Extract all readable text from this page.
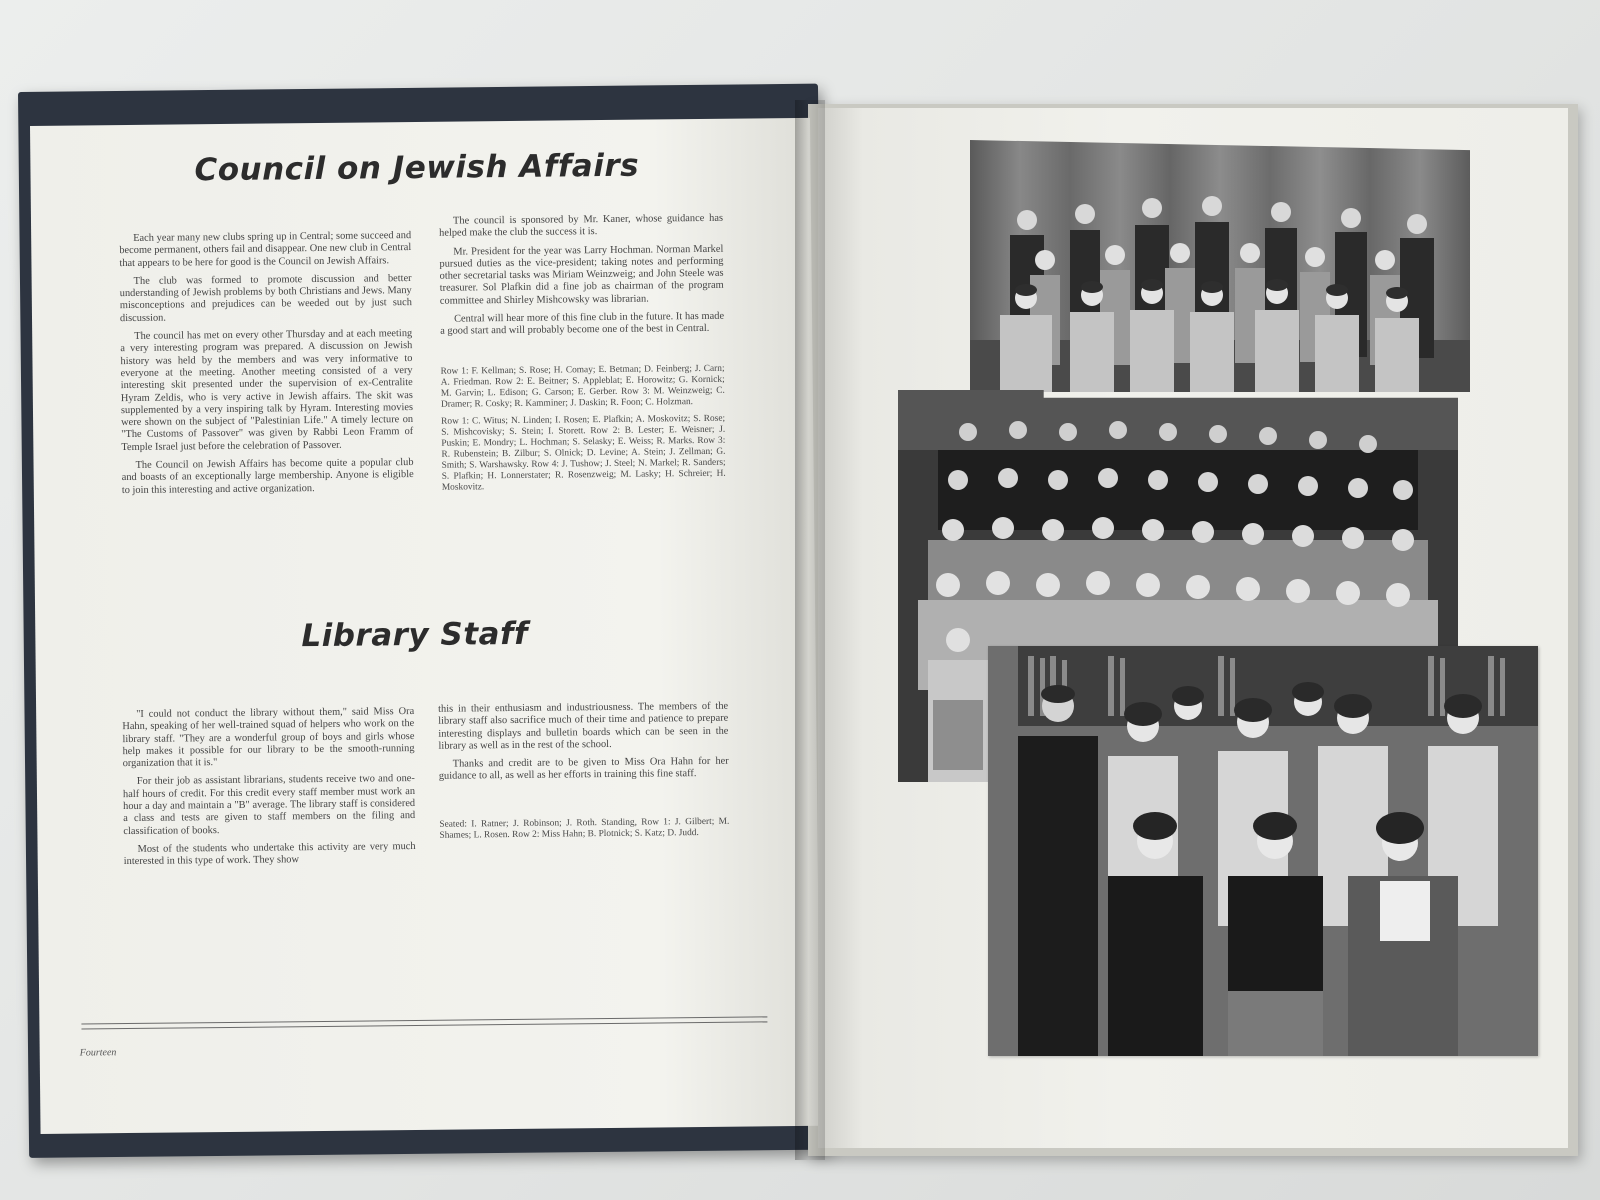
Council on Jewish Affairs

Each year many new clubs spring up in Central; some succeed and become permanent, others fail and disappear. One new club in Central that appears to be here for good is the Council on Jewish Affairs.

The club was formed to promote discussion and better understanding of Jewish problems by both Christians and Jews. Many misconceptions and prejudices can be weeded out by just such discussion.

The council has met on every other Thursday and at each meeting a very interesting program was prepared. A discussion on Jewish history was held by the members and was very informative to everyone at the meeting. Another meeting consisted of a very interesting skit presented under the supervision of ex-Centralite Hyram Zeldis, who is very active in Jewish affairs. The skit was supplemented by a very inspiring talk by Hyram. Interesting movies were shown on the subject of "Palestinian Life." A timely lecture on "The Customs of Passover" was given by Rabbi Leon Framm of Temple Israel just before the celebration of Passover.

The Council on Jewish Affairs has become quite a popular club and boasts of an exceptionally large membership. Anyone is eligible to join this interesting and active organization.

The council is sponsored by Mr. Kaner, whose guidance has helped make the club the success it is.

Mr. President for the year was Larry Hochman. Norman Markel pursued duties as the vice-president; taking notes and performing other secretarial tasks was Miriam Weinzweig; and John Steele was treasurer. Sol Plafkin did a fine job as chairman of the program committee and Shirley Mishcowsky was librarian.

Central will hear more of this fine club in the future. It has made a good start and will probably become one of the best in Central.

Row 1: F. Kellman; S. Rose; H. Comay; E. Betman; D. Feinberg; J. Carn; A. Friedman. Row 2: E. Beitner; S. Appleblat; E. Horowitz; G. Kornick; M. Garvin; L. Edison; G. Carson; E. Gerber. Row 3: M. Weinzweig; C. Dramer; R. Cosky; R. Kamminer; J. Daskin; R. Foon; C. Holzman.

Row 1: C. Witus; N. Linden; I. Rosen; E. Plafkin; A. Moskovitz; S. Rose; S. Mishcovisky; S. Stein; I. Storett. Row 2: B. Lester; E. Weisner; J. Puskin; E. Mondry; L. Hochman; S. Selasky; E. Weiss; R. Marks. Row 3: R. Rubenstein; B. Zilbur; S. Olnick; D. Levine; A. Stein; J. Zellman; G. Smith; S. Warshawsky. Row 4: J. Tushow; J. Steel; N. Markel; R. Sanders; S. Plafkin; H. Lonnerstater; R. Rosenzweig; M. Lasky; H. Schreier; H. Moskovitz.

Library Staff

"I could not conduct the library without them," said Miss Ora Hahn, speaking of her well-trained squad of helpers who work on the library staff. "They are a wonderful group of boys and girls whose help makes it possible for our library to be the smooth-running organization that it is."

For their job as assistant librarians, students receive two and one-half hours of credit. For this credit every staff member must work an hour a day and maintain a "B" average. The library staff is considered a class and tests are given to staff members on the filing and classification of books.

Most of the students who undertake this activity are very much interested in this type of work. They show

this in their enthusiasm and industriousness. The members of the library staff also sacrifice much of their time and patience to prepare interesting displays and bulletin boards which can be seen in the library as well as in the rest of the school.

Thanks and credit are to be given to Miss Ora Hahn for her guidance to all, as well as her efforts in training this fine staff.

Seated: I. Ratner; J. Robinson; J. Roth. Standing, Row 1: J. Gilbert; M. Shames; L. Rosen. Row 2: Miss Hahn; B. Plotnick; S. Katz; D. Judd.

Fourteen
